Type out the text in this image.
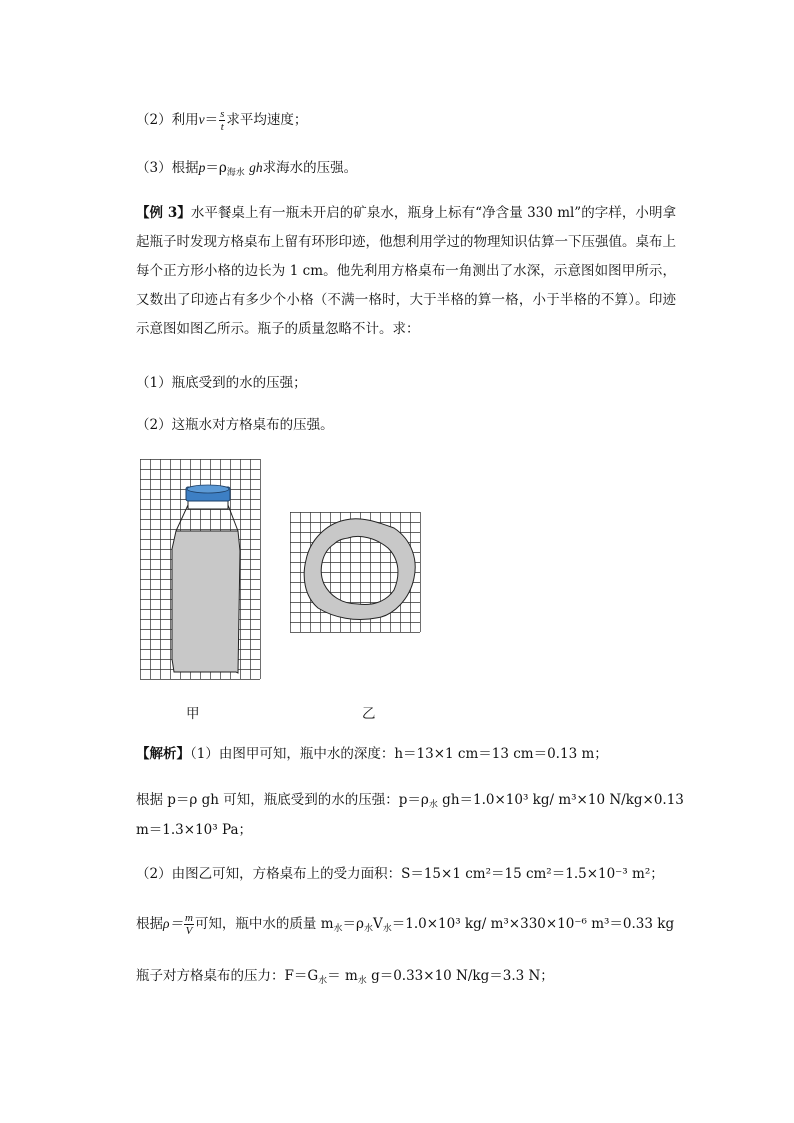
（2）利用$v= \frac{s}{t}$ 求平均速度；
（3）根据$p=\rho_{海水}$ gh求海水的压强。
【例 3】水平餐桌上有一瓶未开启的矿泉水，瓶身上标有“净含量 330 ml”的字样，小明拿起瓶子时发现方格桌布上留有环形印迹，他想利用学过的物理知识估算一下压强值。桌布上每个正方形小格的边长为 1 cm。他先利用方格桌布一角测出了水深，示意图如图甲所示，又数出了印迹占有多少个小格（不满一格时，大于半格的算一格，小于半格的不算）。印迹示意图如图乙所示。瓶子的质量忽略不计。求：
（1）瓶底受到的水的压强；
（2）这瓶水对方格桌布的压强。
甲	乙
【解析】（1）由图甲可知，瓶中水的深度：h＝13×1 cm＝13 cm＝0.13 m；
根据 p＝ρ gh 可知，瓶底受到的水的压强：$p=\rho_水$ gh＝1.0×10³ kg/ m³×10 N/kg×0.13
m＝1.3×10³ Pa；
（2）由图乙可知，方格桌布上的受力面积：S＝15×1 cm²＝15 cm²＝1.5×10⁻³ m²；
根据$\rho= \frac{m}{V}$ 可知，瓶中水的质量 $m_水=\rho_水V_水=1.0\times 10^3$ kg/ m³×330×10⁻⁶ m³＝0.33 kg
瓶子对方格桌布的压力：$F=G_水= m_水$ g＝0.33×10 N/kg＝3.3 N；
